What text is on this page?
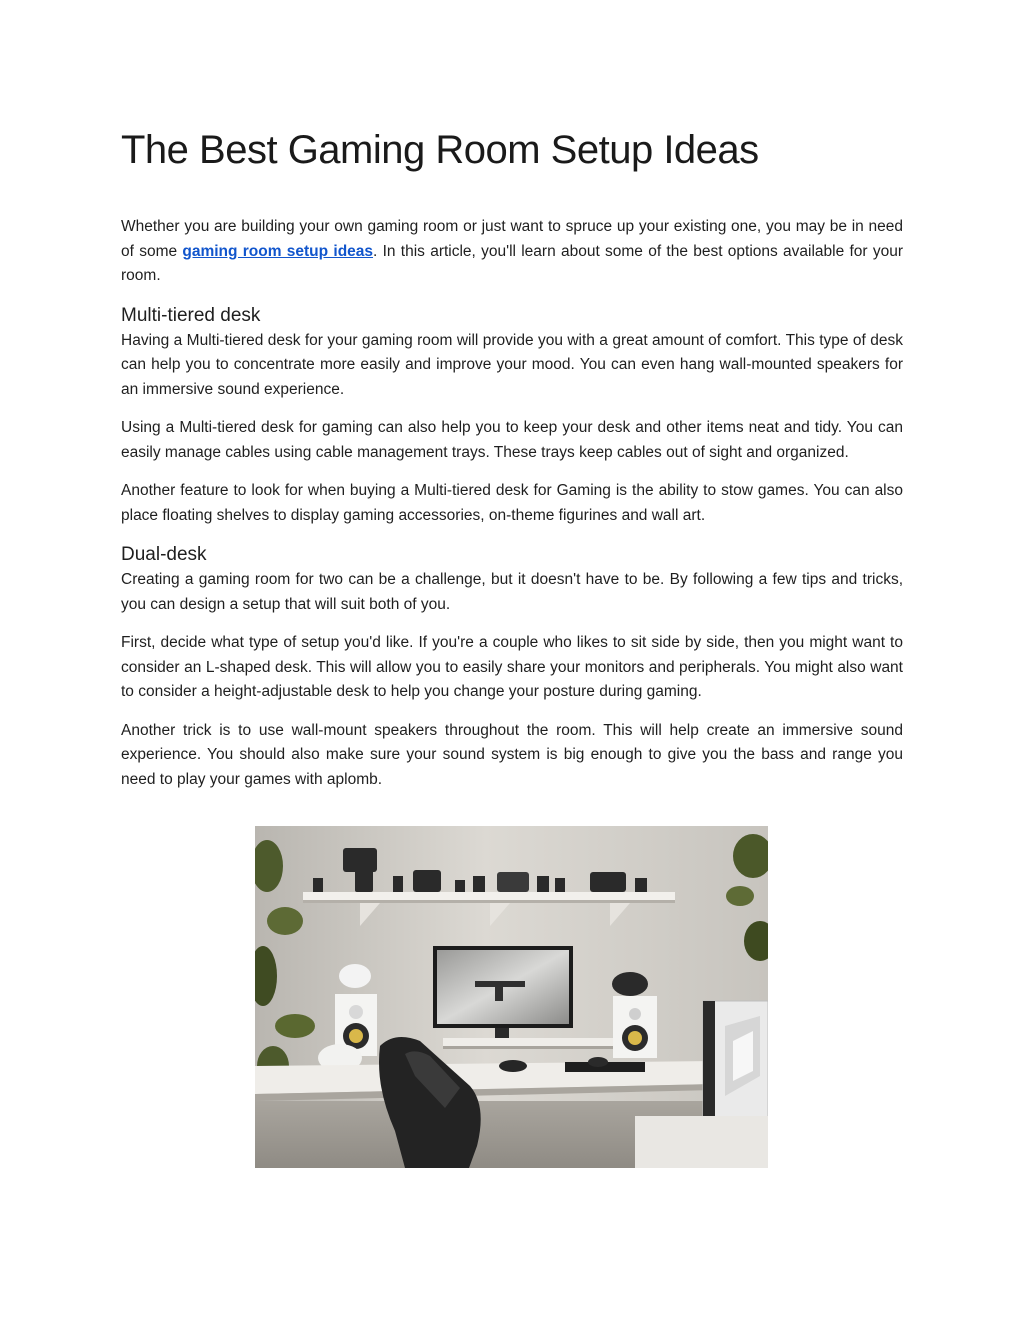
The Best Gaming Room Setup Ideas

Whether you are building your own gaming room or just want to spruce up your existing one, you may be in need of some gaming room setup ideas. In this article, you'll learn about some of the best options available for your room.

Multi-tiered desk

Having a Multi-tiered desk for your gaming room will provide you with a great amount of comfort. This type of desk can help you to concentrate more easily and improve your mood. You can even hang wall-mounted speakers for an immersive sound experience.

Using a Multi-tiered desk for gaming can also help you to keep your desk and other items neat and tidy. You can easily manage cables using cable management trays. These trays keep cables out of sight and organized.

Another feature to look for when buying a Multi-tiered desk for Gaming is the ability to stow games. You can also place floating shelves to display gaming accessories, on-theme figurines and wall art.

Dual-desk

Creating a gaming room for two can be a challenge, but it doesn't have to be. By following a few tips and tricks, you can design a setup that will suit both of you.

First, decide what type of setup you'd like. If you're a couple who likes to sit side by side, then you might want to consider an L-shaped desk. This will allow you to easily share your monitors and peripherals. You might also want to consider a height-adjustable desk to help you change your posture during gaming.

Another trick is to use wall-mount speakers throughout the room. This will help create an immersive sound experience. You should also make sure your sound system is big enough to give you the bass and range you need to play your games with aplomb.
